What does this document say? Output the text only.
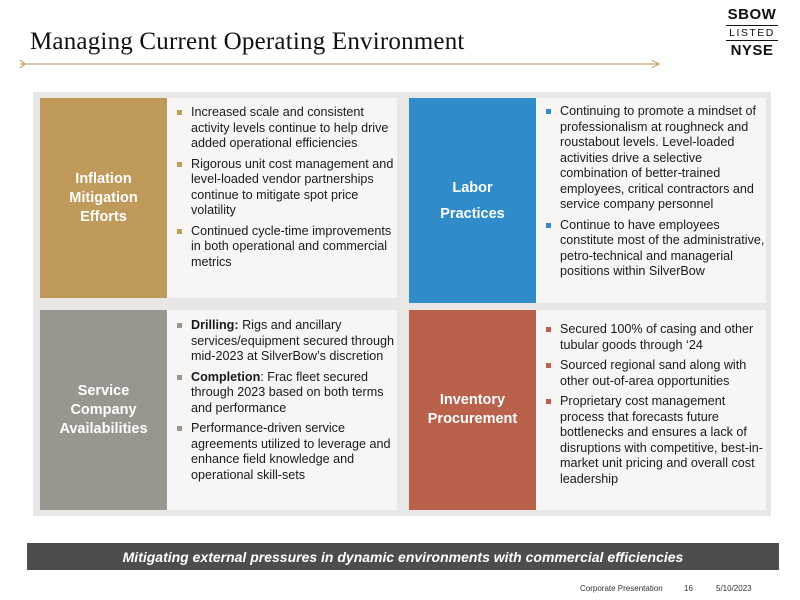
Managing Current Operating Environment
SBOW
LISTED
NYSE
Inflation
Mitigation
Efforts
Increased scale and consistent activity levels continue to help drive added operational efficiencies
Rigorous unit cost management and level-loaded vendor partnerships continue to mitigate spot price volatility
Continued cycle-time improvements in both operational and commercial metrics
Labor
Practices
Continuing to promote a mindset of professionalism at roughneck and roustabout levels. Level-loaded activities drive a selective combination of better-trained employees, critical contractors and service company personnel
Continue to have employees constitute most of the administrative, petro-technical and managerial positions within SilverBow
Service
Company
Availabilities
Drilling: Rigs and ancillary services/equipment secured through mid-2023 at SilverBow’s discretion
Completion: Frac fleet secured through 2023 based on both terms and performance
Performance-driven service agreements utilized to leverage and enhance field knowledge and operational skill-sets
Inventory
Procurement
Secured 100% of casing and other tubular goods through ‘24
Sourced regional sand along with other out-of-area opportunities
Proprietary cost management process that forecasts future bottlenecks and ensures a lack of disruptions with competitive, best-in-market unit pricing and overall cost leadership
Mitigating external pressures in dynamic environments with commercial efficiencies
Corporate Presentation	16	5/10/2023
